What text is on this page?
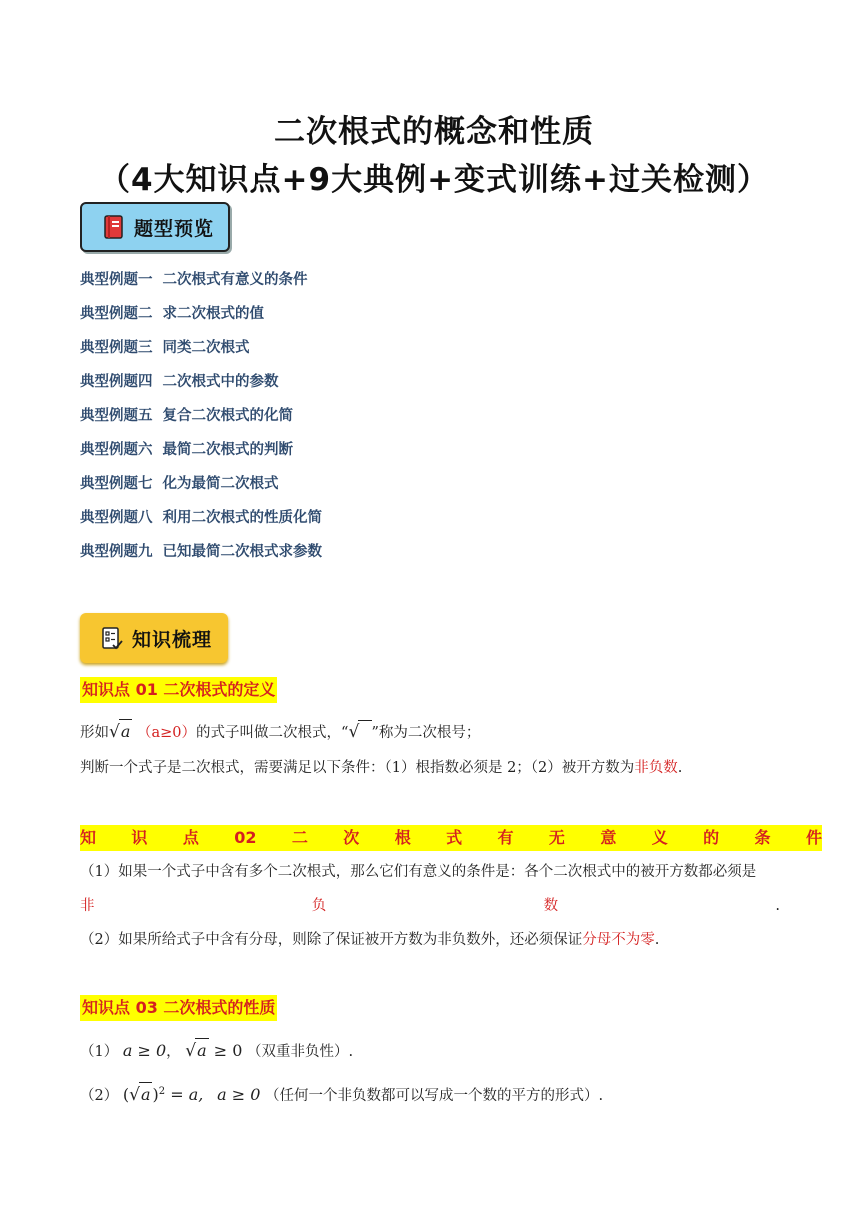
二次根式的概念和性质
（4大知识点+9大典例+变式训练+过关检测）
题型预览
典型例题一 二次根式有意义的条件
典型例题二 求二次根式的值
典型例题三 同类二次根式
典型例题四 二次根式中的参数
典型例题五 复合二次根式的化简
典型例题六 最简二次根式的判断
典型例题七 化为最简二次根式
典型例题八 利用二次根式的性质化简
典型例题九 已知最简二次根式求参数
知识梳理
知识点 01 二次根式的定义
形如√a （a≥0）的式子叫做二次根式，“√ ”称为二次根号；
判断一个式子是二次根式，需要满足以下条件：（1）根指数必须是 2；（2）被开方数为非负数.
知 识 点 02 二 次 根 式 有 无 意 义 的 条 件
（1）如果一个式子中含有多个二次根式，那么它们有意义的条件是：各个二次根式中的被开方数都必须是
非	负	数	.
（2）如果所给式子中含有分母，则除了保证被开方数为非负数外，还必须保证分母不为零.
知识点 03 二次根式的性质
（1） a ≥ 0， √a ≥ 0 （双重非负性）.
（2） (√a )$^2$ = a, a ≥ 0 （任何一个非负数都可以写成一个数的平方的形式）.
